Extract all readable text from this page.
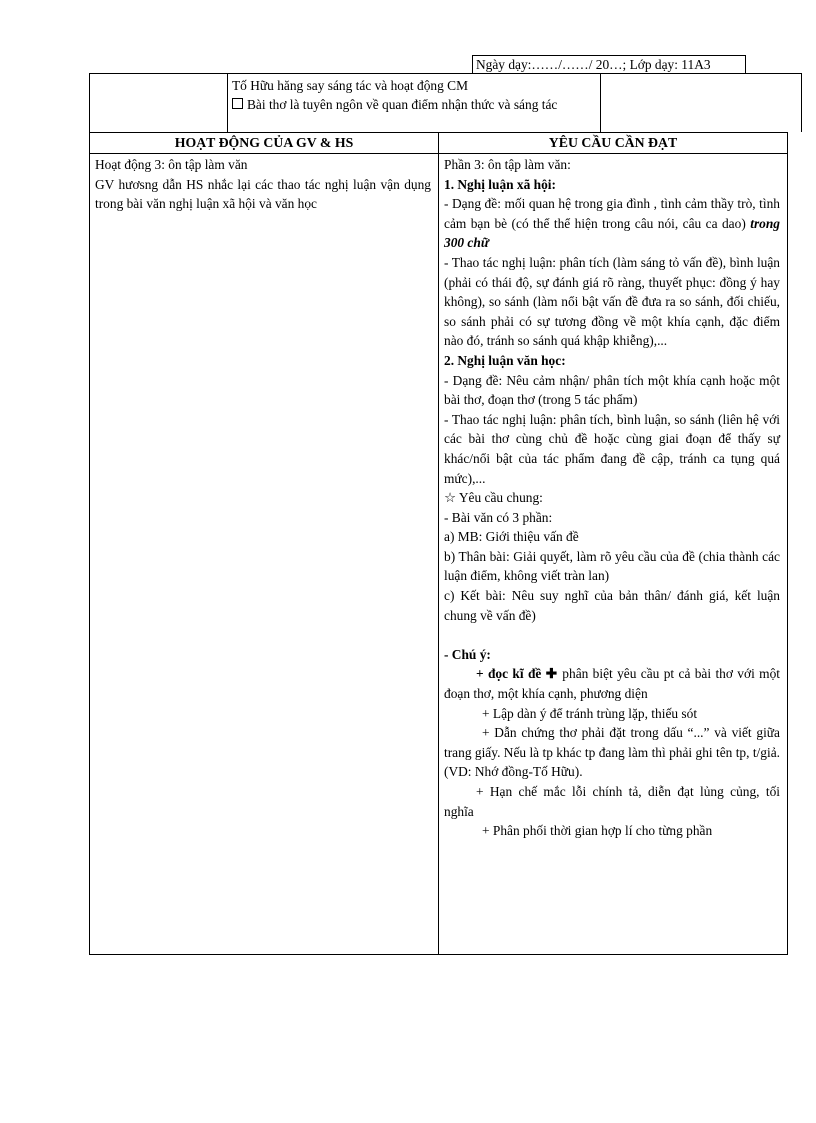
Ngày dạy:……/……/ 20…; Lớp dạy: 11A3

Tố Hữu hăng say sáng tác và hoạt động CM

Bài thơ là tuyên ngôn về quan điểm nhận thức và sáng tác

HOẠT ĐỘNG CỦA GV & HS	YÊU CẦU CẦN ĐẠT

Hoạt động 3: ôn tập làm văn

GV hươsng dẫn HS nhắc lại các thao tác nghị luận vận dụng trong bài văn nghị luận xã hội và văn học

Phần 3: ôn tập làm văn:

1. Nghị luận xã hội:

- Dạng đề: mối quan hệ trong gia đình , tình cảm thầy trò, tình cảm bạn bè (có thể thể hiện trong câu nói, câu ca dao) trong 300 chữ

- Thao tác nghị luận: phân tích (làm sáng tỏ vấn đề), bình luận (phải có thái độ, sự đánh giá rõ ràng, thuyết phục: đồng ý hay không), so sánh (làm nổi bật vấn đề đưa ra so sánh, đối chiếu, so sánh phải có sự tương đồng về một khía cạnh, đặc điểm nào đó, tránh so sánh quá khập khiễng),...

2. Nghị luận văn học:

- Dạng đề: Nêu cảm nhận/ phân tích một khía cạnh hoặc một bài thơ, đoạn thơ (trong 5 tác phẩm)

- Thao tác nghị luận: phân tích, bình luận, so sánh (liên hệ với các bài thơ cùng chủ đề hoặc cùng giai đoạn để thấy sự khác/nổi bật của tác phẩm đang đề cập, tránh ca tụng quá mức),...

☆ Yêu cầu chung:

- Bài văn có 3 phần:

a) MB: Giới thiệu vấn đề

b) Thân bài: Giải quyết, làm rõ yêu cầu của đề (chia thành các luận điểm, không viết tràn lan)

c) Kết bài: Nêu suy nghĩ của bản thân/ đánh giá, kết luận chung về vấn đề)

- Chú ý:

+ đọc kĩ đề ✚ phân biệt yêu cầu pt cả bài thơ với một đoạn thơ, một khía cạnh, phương diện

+ Lập dàn ý để tránh trùng lặp, thiếu sót

+ Dẫn chứng thơ phải đặt trong dấu “...” và viết giữa trang giấy. Nếu là tp khác tp đang làm thì phải ghi tên tp, t/giả. (VD: Nhớ đồng-Tố Hữu).

+ Hạn chế mắc lỗi chính tả, diễn đạt lủng củng, tối nghĩa

+ Phân phối thời gian hợp lí cho từng phần
